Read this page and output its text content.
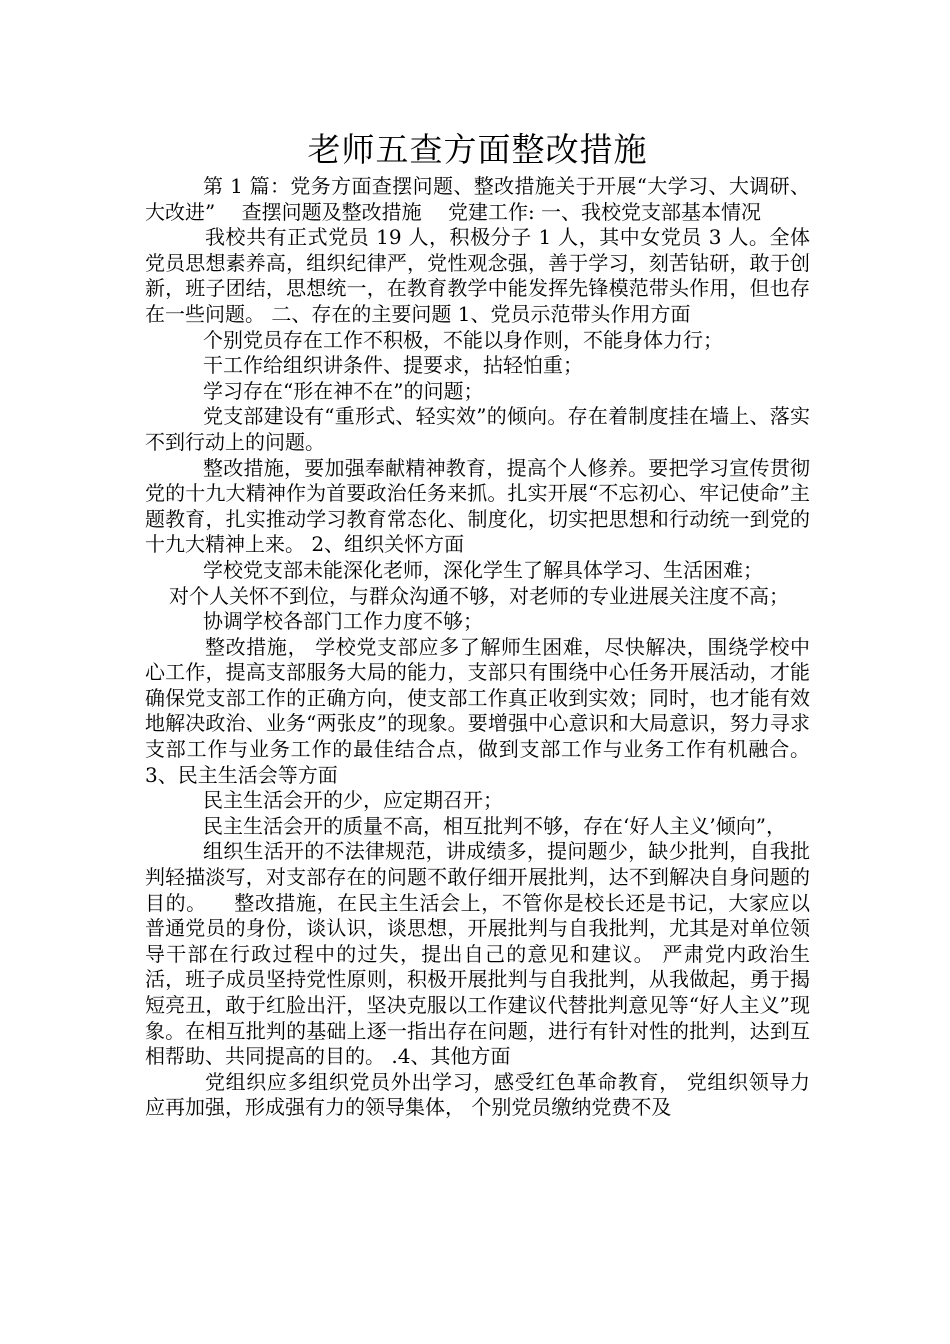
老师五查方面整改措施

第 1 篇：党务方面查摆问题、整改措施关于开展“大学习、大调研、大改进” 　查摆问题及整改措施 　党建工作: 一、我校党支部基本情况

我校共有正式党员 19 人，积极分子 1 人，其中女党员 3 人。全体党员思想素养高，组织纪律严，党性观念强，善于学习，刻苦钻研，敢于创新，班子团结，思想统一，在教育教学中能发挥先锋模范带头作用，但也存在一些问题。 二、存在的主要问题 1、党员示范带头作用方面

个别党员存在工作不积极，不能以身作则，不能身体力行；

干工作给组织讲条件、提要求，拈轻怕重；

学习存在“形在神不在”的问题；

党支部建设有“重形式、轻实效”的倾向。存在着制度挂在墙上、落实不到行动上的问题。

整改措施，要加强奉献精神教育，提高个人修养。要把学习宣传贯彻党的十九大精神作为首要政治任务来抓。扎实开展“不忘初心、牢记使命”主题教育，扎实推动学习教育常态化、制度化，切实把思想和行动统一到党的十九大精神上来。 2、组织关怀方面

学校党支部未能深化老师，深化学生了解具体学习、生活困难；

对个人关怀不到位，与群众沟通不够，对老师的专业进展关注度不高；

协调学校各部门工作力度不够；

整改措施， 学校党支部应多了解师生困难，尽快解决，围绕学校中心工作，提高支部服务大局的能力，支部只有围绕中心任务开展活动，才能确保党支部工作的正确方向，使支部工作真正收到实效；同时，也才能有效地解决政治、业务“两张皮”的现象。要增强中心意识和大局意识，努力寻求支部工作与业务工作的最佳结合点，做到支部工作与业务工作有机融合。 3、民主生活会等方面

民主生活会开的少，应定期召开；

民主生活会开的质量不高，相互批判不够，存在‘好人主义’倾向”，

组织生活开的不法律规范，讲成绩多，提问题少，缺少批判，自我批判轻描淡写，对支部存在的问题不敢仔细开展批判，达不到解决自身问题的目的。 　整改措施，在民主生活会上，不管你是校长还是书记，大家应以普通党员的身份，谈认识，谈思想，开展批判与自我批判，尤其是对单位领导干部在行政过程中的过失，提出自己的意见和建议。 严肃党内政治生活，班子成员坚持党性原则，积极开展批判与自我批判，从我做起，勇于揭短亮丑，敢于红脸出汗，坚决克服以工作建议代替批判意见等“好人主义”现象。在相互批判的基础上逐一指出存在问题，进行有针对性的批判，达到互相帮助、共同提高的目的。 .4、其他方面

党组织应多组织党员外出学习，感受红色革命教育， 党组织领导力应再加强，形成强有力的领导集体， 个别党员缴纳党费不及
